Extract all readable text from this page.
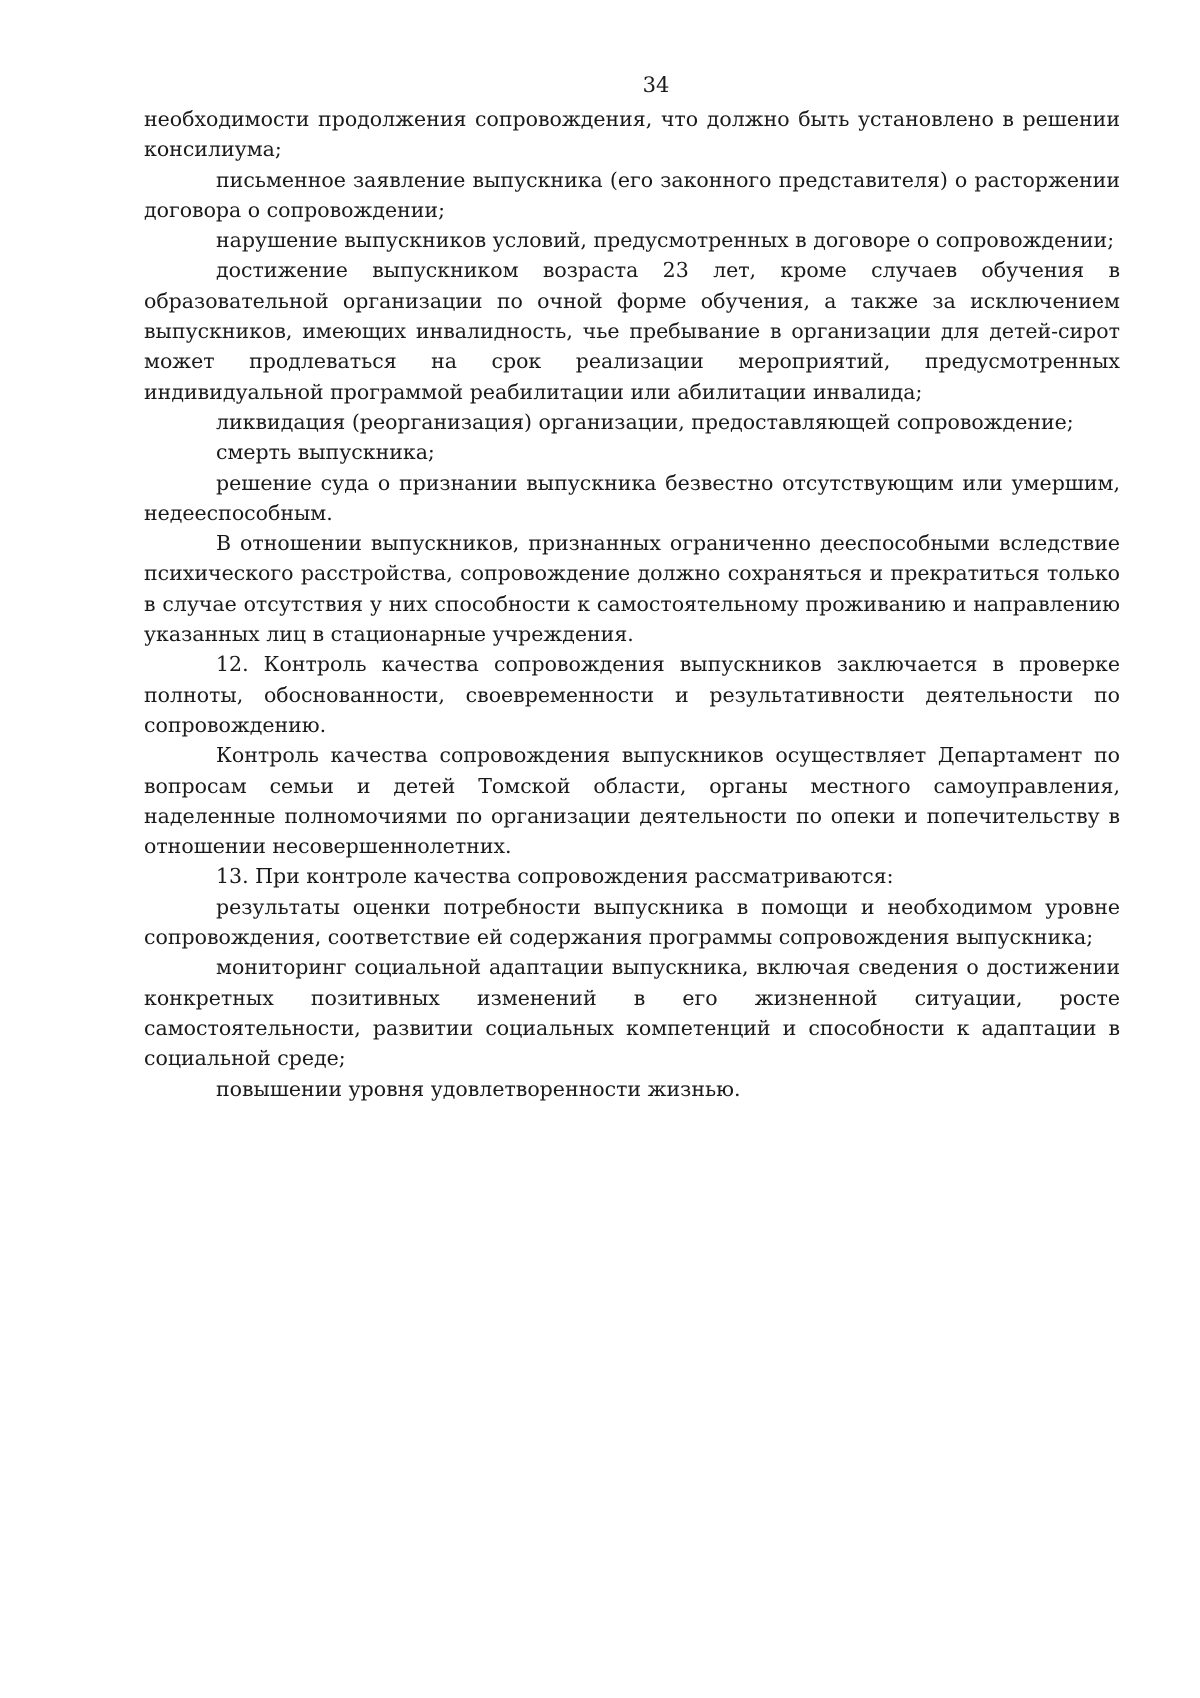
34

необходимости продолжения сопровождения, что должно быть установлено в решении консилиума;

письменное заявление выпускника (его законного представителя) о расторжении договора о сопровождении;

нарушение выпускников условий, предусмотренных в договоре о сопровождении;

достижение выпускником возраста 23 лет, кроме случаев обучения в образовательной организации по очной форме обучения, а также за исключением выпускников, имеющих инвалидность, чье пребывание в организации для детей-сирот может продлеваться на срок реализации мероприятий, предусмотренных индивидуальной программой реабилитации или абилитации инвалида;

ликвидация (реорганизация) организации, предоставляющей сопровождение;

смерть выпускника;

решение суда о признании выпускника безвестно отсутствующим или умершим, недееспособным.

В отношении выпускников, признанных ограниченно дееспособными вследствие психического расстройства, сопровождение должно сохраняться и прекратиться только в случае отсутствия у них способности к самостоятельному проживанию и направлению указанных лиц в стационарные учреждения.

12. Контроль качества сопровождения выпускников заключается в проверке полноты, обоснованности, своевременности и результативности деятельности по сопровождению.

Контроль качества сопровождения выпускников осуществляет Департамент по вопросам семьи и детей Томской области, органы местного самоуправления, наделенные полномочиями по организации деятельности по опеки и попечительству в отношении несовершеннолетних.

13. При контроле качества сопровождения рассматриваются:

результаты оценки потребности выпускника в помощи и необходимом уровне сопровождения, соответствие ей содержания программы сопровождения выпускника;

мониторинг социальной адаптации выпускника, включая сведения о достижении конкретных позитивных изменений в его жизненной ситуации, росте самостоятельности, развитии социальных компетенций и способности к адаптации в социальной среде;

повышении уровня удовлетворенности жизнью.
